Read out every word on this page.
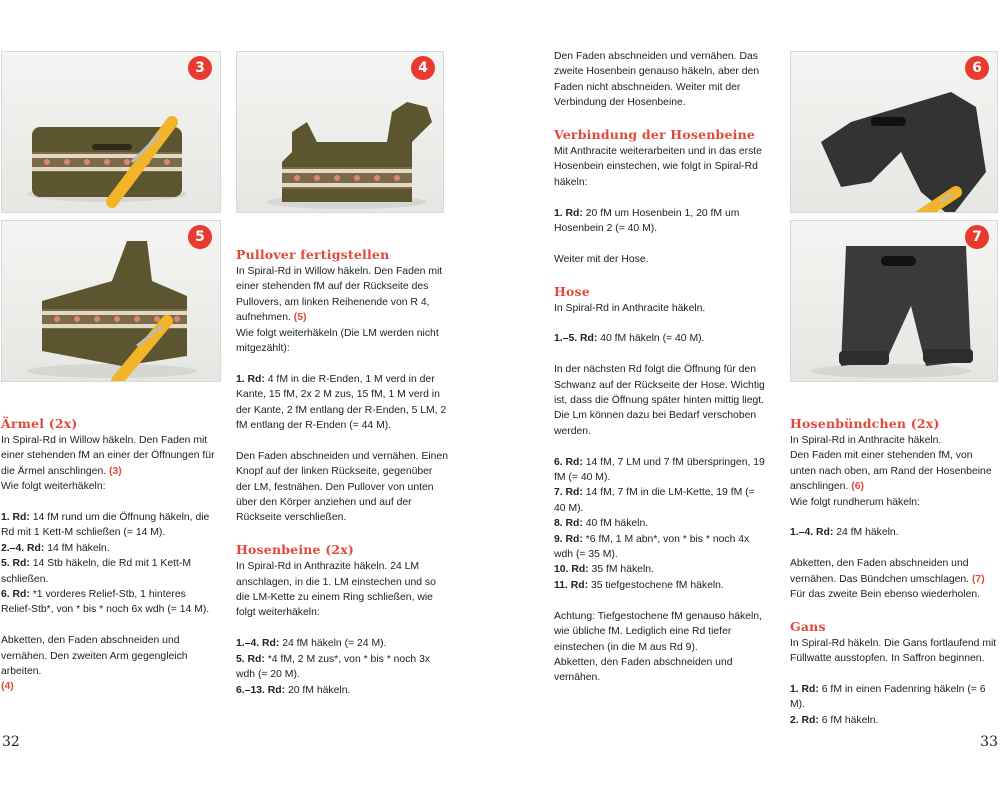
3	4
5
6
7
Ärmel (2x)

In Spiral-Rd in Willow häkeln. Den Faden mit einer stehenden fM an einer der Öffnungen für die Ärmel anschlingen. (3)
Wie folgt weiterhäkeln:

1. Rd: 14 fM rund um die Öffnung häkeln, die Rd mit 1 Kett-M schließen (= 14 M).

2.–4. Rd: 14 fM häkeln.

5. Rd: 14 Stb häkeln, die Rd mit 1 Kett-M schließen.

6. Rd: *1 vorderes Relief-Stb, 1 hinteres Relief-Stb*, von * bis * noch 6x wdh (= 14 M).

Abketten, den Faden abschneiden und vernähen. Den zweiten Arm gegengleich arbeiten.
(4)

Pullover fertigstellen

In Spiral-Rd in Willow häkeln. Den Faden mit einer stehenden fM auf der Rückseite des Pullovers, am linken Reihenende von R 4, aufnehmen. (5)
Wie folgt weiterhäkeln (Die LM werden nicht mitgezählt):

1. Rd: 4 fM in die R-Enden, 1 M verd in der Kante, 15 fM, 2x 2 M zus, 15 fM, 1 M verd in der Kante, 2 fM entlang der R-Enden, 5 LM, 2 fM entlang der R-Enden (= 44 M).

Den Faden abschneiden und vernähen. Einen Knopf auf der linken Rückseite, gegenüber der LM, festnähen. Den Pullover von unten über den Körper anziehen und auf der Rückseite verschließen.

Hosenbeine (2x)

In Spiral-Rd in Anthrazite häkeln. 24 LM anschlagen, in die 1. LM einstechen und so die LM-Kette zu einem Ring schließen, wie folgt weiterhäkeln:

1.–4. Rd: 24 fM häkeln (= 24 M).

5. Rd: *4 fM, 2 M zus*, von * bis * noch 3x wdh (= 20 M).

6.–13. Rd: 20 fM häkeln.

Den Faden abschneiden und vernähen. Das zweite Hosenbein genauso häkeln, aber den Faden nicht abschneiden. Weiter mit der Verbindung der Hosenbeine.

Verbindung der Hosenbeine

Mit Anthracite weiterarbeiten und in das erste Hosenbein einstechen, wie folgt in Spiral-Rd häkeln:

1. Rd: 20 fM um Hosenbein 1, 20 fM um Hosenbein 2 (= 40 M).

Weiter mit der Hose.

Hose

In Spiral-Rd in Anthracite häkeln.

1.–5. Rd: 40 fM häkeln (= 40 M).

In der nächsten Rd folgt die Öffnung für den Schwanz auf der Rückseite der Hose. Wichtig ist, dass die Öffnung später hinten mittig liegt. Die Lm können dazu bei Bedarf verschoben werden.

6. Rd: 14 fM, 7 LM und 7 fM überspringen, 19 fM (= 40 M).

7. Rd: 14 fM, 7 fM in die LM-Kette, 19 fM (= 40 M).

8. Rd: 40 fM häkeln.

9. Rd: *6 fM, 1 M abn*, von * bis * noch 4x wdh (= 35 M).

10. Rd: 35 fM häkeln.

11. Rd: 35 tiefgestochene fM häkeln.

Achtung: Tiefgestochene fM genauso häkeln, wie übliche fM. Lediglich eine Rd tiefer einstechen (in die M aus Rd 9).

Abketten, den Faden abschneiden und vernähen.

Hosenbündchen (2x)

In Spiral-Rd in Anthracite häkeln.
Den Faden mit einer stehenden fM, von unten nach oben, am Rand der Hosenbeine anschlingen. (6)
Wie folgt rundherum häkeln:

1.–4. Rd: 24 fM häkeln.

Abketten, den Faden abschneiden und vernähen. Das Bündchen umschlagen. (7)
Für das zweite Bein ebenso wiederholen.

Gans

In Spiral-Rd häkeln. Die Gans fortlaufend mit Füllwatte ausstopfen. In Saffron beginnen.

1. Rd: 6 fM in einen Fadenring häkeln (= 6 M).

2. Rd: 6 fM häkeln.

32	33
